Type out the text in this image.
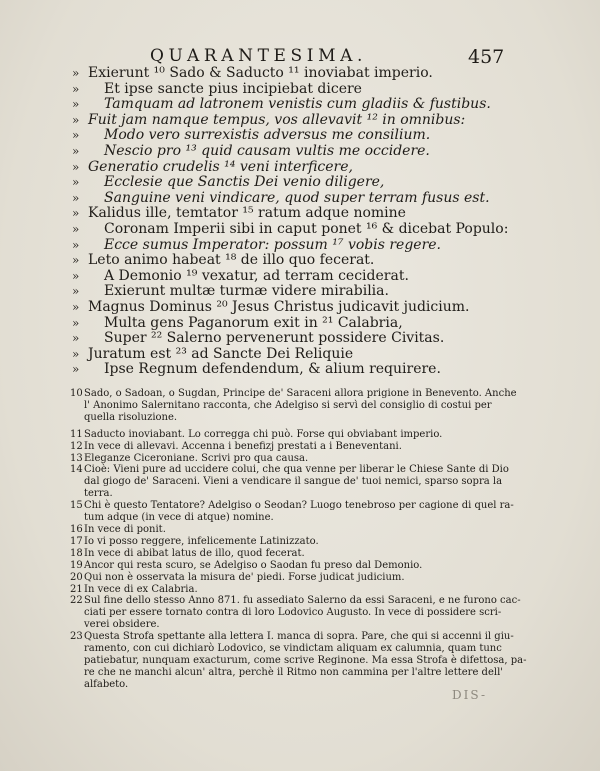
QUARANTESIMA.	457
» Exierunt ¹⁰ Sado & Saducto ¹¹ inoviabat imperio.
» Et ipse sancte pius incipiebat dicere
» Tamquam ad latronem venistis cum gladiis & fustibus.
» Fuit jam namque tempus, vos allevavit ¹² in omnibus:
» Modo vero surrexistis adversus me consilium.
» Nescio pro ¹³ quid causam vultis me occidere.
» Generatio crudelis ¹⁴ veni interficere,
» Ecclesie que Sanctis Dei venio diligere,
» Sanguine veni vindicare, quod super terram fusus est.
» Kalidus ille, temtator ¹⁵ ratum adque nomine
» Coronam Imperii sibi in caput ponet ¹⁶ & dicebat Populo:
» Ecce sumus Imperator: possum ¹⁷ vobis regere.
» Leto animo habeat ¹⁸ de illo quo fecerat.
» A Demonio ¹⁹ vexatur, ad terram ceciderat.
» Exierunt multæ turmæ videre mirabilia.
» Magnus Dominus ²⁰ Jesus Christus judicavit judicium.
» Multa gens Paganorum exit in ²¹ Calabria,
» Super ²² Salerno pervenerunt possidere Civitas.
» Juratum est ²³ ad Sancte Dei Reliquie
» Ipse Regnum defendendum, & alium requirere.
10 Sado, o Sadoan, o Sugdan, Principe de' Saraceni allora prigione in Benevento. Anche
l' Anonimo Salernitano racconta, che Adelgiso si servì del consiglio di costui per
quella risoluzione.
11 Saducto inoviabant. Lo corregga chi può. Forse qui obviabant imperio.
12 In vece di allevavi. Accenna i benefizj prestati a i Beneventani.
13 Eleganze Ciceroniane. Scrivi pro qua causa.
14 Cioè: Vieni pure ad uccidere colui, che qua venne per liberar le Chiese Sante di Dio
dal giogo de' Saraceni. Vieni a vendicare il sangue de' tuoi nemici, sparso sopra la
terra.
15 Chi è questo Tentatore? Adelgiso o Seodan? Luogo tenebroso per cagione di quel ra-
tum adque (in vece di atque) nomine.
16 In vece di ponit.
17 Io vi posso reggere, infelicemente Latinizzato.
18 In vece di abibat latus de illo, quod fecerat.
19 Ancor qui resta scuro, se Adelgiso o Saodan fu preso dal Demonio.
20 Qui non è osservata la misura de' piedi. Forse judicat judicium.
21 In vece di ex Calabria.
22 Sul fine dello stesso Anno 871. fu assediato Salerno da essi Saraceni, e ne furono cac-
ciati per essere tornato contra di loro Lodovico Augusto. In vece di possidere scri-
verei obsidere.
23 Questa Strofa spettante alla lettera I. manca di sopra. Pare, che qui si accenni il giu-
ramento, con cui dichiarò Lodovico, se vindictam aliquam ex calumnia, quam tunc
patiebatur, nunquam exacturum, come scrive Reginone. Ma essa Strofa è difettosa, pa-
re che ne manchi alcun' altra, perchè il Ritmo non cammina per l'altre lettere dell'
alfabeto.
DIS-
